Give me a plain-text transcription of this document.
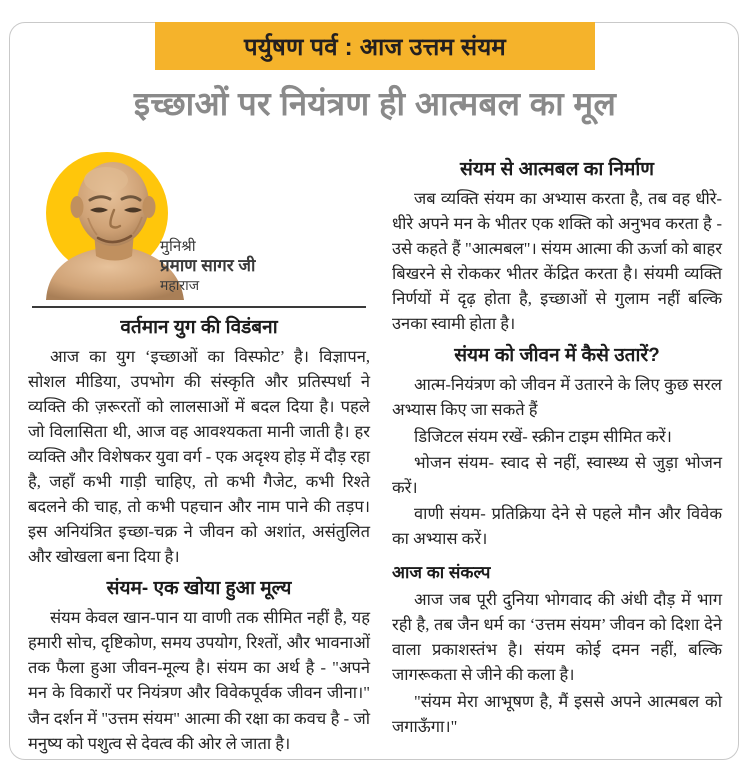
पर्युषण पर्व : आज उत्तम संयम
इच्छाओं पर नियंत्रण ही आत्मबल का मूल
मुनिश्री
प्रमाण सागर जी
महाराज
वर्तमान युग की विडंबना

आज का युग ‘इच्छाओं का विस्फोट’ है। विज्ञापन, सोशल मीडिया, उपभोग की संस्कृति और प्रतिस्पर्धा ने व्यक्ति की ज़रूरतों को लालसाओं में बदल दिया है। पहले जो विलासिता थी, आज वह आवश्यकता मानी जाती है। हर व्यक्ति और विशेषकर युवा वर्ग - एक अदृश्य होड़ में दौड़ रहा है, जहाँ कभी गाड़ी चाहिए, तो कभी गैजेट, कभी रिश्ते बदलने की चाह, तो कभी पहचान और नाम पाने की तड़प। इस अनियंत्रित इच्छा-चक्र ने जीवन को अशांत, असंतुलित और खोखला बना दिया है।

संयम- एक खोया हुआ मूल्य

संयम केवल खान-पान या वाणी तक सीमित नहीं है, यह हमारी सोच, दृष्टिकोण, समय उपयोग, रिश्तों, और भावनाओं तक फैला हुआ जीवन-मूल्य है। संयम का अर्थ है - "अपने मन के विकारों पर नियंत्रण और विवेकपूर्वक जीवन जीना।" जैन दर्शन में "उत्तम संयम" आत्मा की रक्षा का कवच है - जो मनुष्य को पशुत्व से देवत्व की ओर ले जाता है।

संयम से आत्मबल का निर्माण

जब व्यक्ति संयम का अभ्यास करता है, तब वह धीरे-धीरे अपने मन के भीतर एक शक्ति को अनुभव करता है - उसे कहते हैं "आत्मबल"। संयम आत्मा की ऊर्जा को बाहर बिखरने से रोककर भीतर केंद्रित करता है। संयमी व्यक्ति निर्णयों में दृढ़ होता है, इच्छाओं से गुलाम नहीं बल्कि उनका स्वामी होता है।

संयम को जीवन में कैसे उतारें?

आत्म-नियंत्रण को जीवन में उतारने के लिए कुछ सरल अभ्यास किए जा सकते हैं

डिजिटल संयम रखें- स्क्रीन टाइम सीमित करें।

भोजन संयम- स्वाद से नहीं, स्वास्थ्य से जुड़ा भोजन करें।

वाणी संयम- प्रतिक्रिया देने से पहले मौन और विवेक का अभ्यास करें।

आज का संकल्प

आज जब पूरी दुनिया भोगवाद की अंधी दौड़ में भाग रही है, तब जैन धर्म का ‘उत्तम संयम’ जीवन को दिशा देने वाला प्रकाशस्तंभ है। संयम कोई दमन नहीं, बल्कि जागरूकता से जीने की कला है।

"संयम मेरा आभूषण है, मैं इससे अपने आत्मबल को जगाऊँगा।"
